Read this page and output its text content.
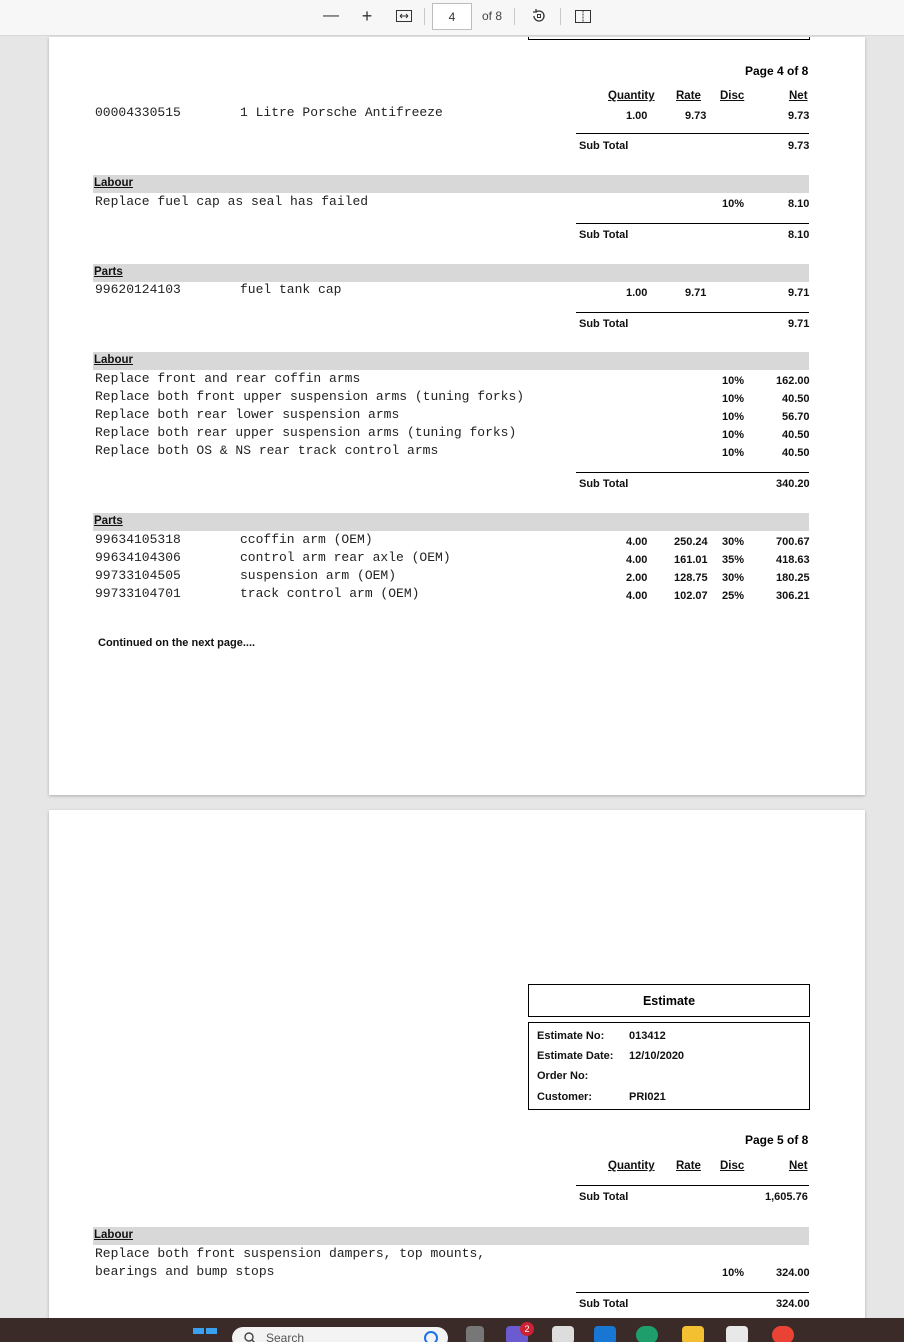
—	+	4	of 8
Page 4 of 8
Quantity Rate Disc	Net
00004330515	1 Litre Porsche Antifreeze	1.00	9.73	9.73
Sub Total	9.73
Labour
Replace fuel cap as seal has failed	10%	8.10
Sub Total	8.10
Parts
99620124103	fuel tank cap	1.00	9.71	9.71
Sub Total	9.71
Labour
Replace front and rear coffin arms	10%	162.00
Replace both front upper suspension arms (tuning forks)	10%	40.50
Replace both rear lower suspension arms	10%	56.70
Replace both rear upper suspension arms (tuning forks)	10%	40.50
Replace both OS & NS rear track control arms	10%	40.50
Sub Total	340.20
Parts
99634105318	ccoffin arm (OEM)	4.00 250.24 30%	700.67
99634104306	control arm rear axle (OEM)	4.00 161.01 35%	418.63
99733104505	suspension arm (OEM)	2.00 128.75 30%	180.25
99733104701	track control arm (OEM)	4.00 102.07 25%	306.21
Continued on the next page....
Estimate
Estimate No: 013412
Estimate Date: 12/10/2020
Order No:
Customer:	PRI021
Page 5 of 8
Quantity Rate Disc	Net
Sub Total	1,605.76
Labour
Replace both front suspension dampers, top mounts,
bearings and bump stops	10%	324.00
Sub Total	324.00
Search
2
